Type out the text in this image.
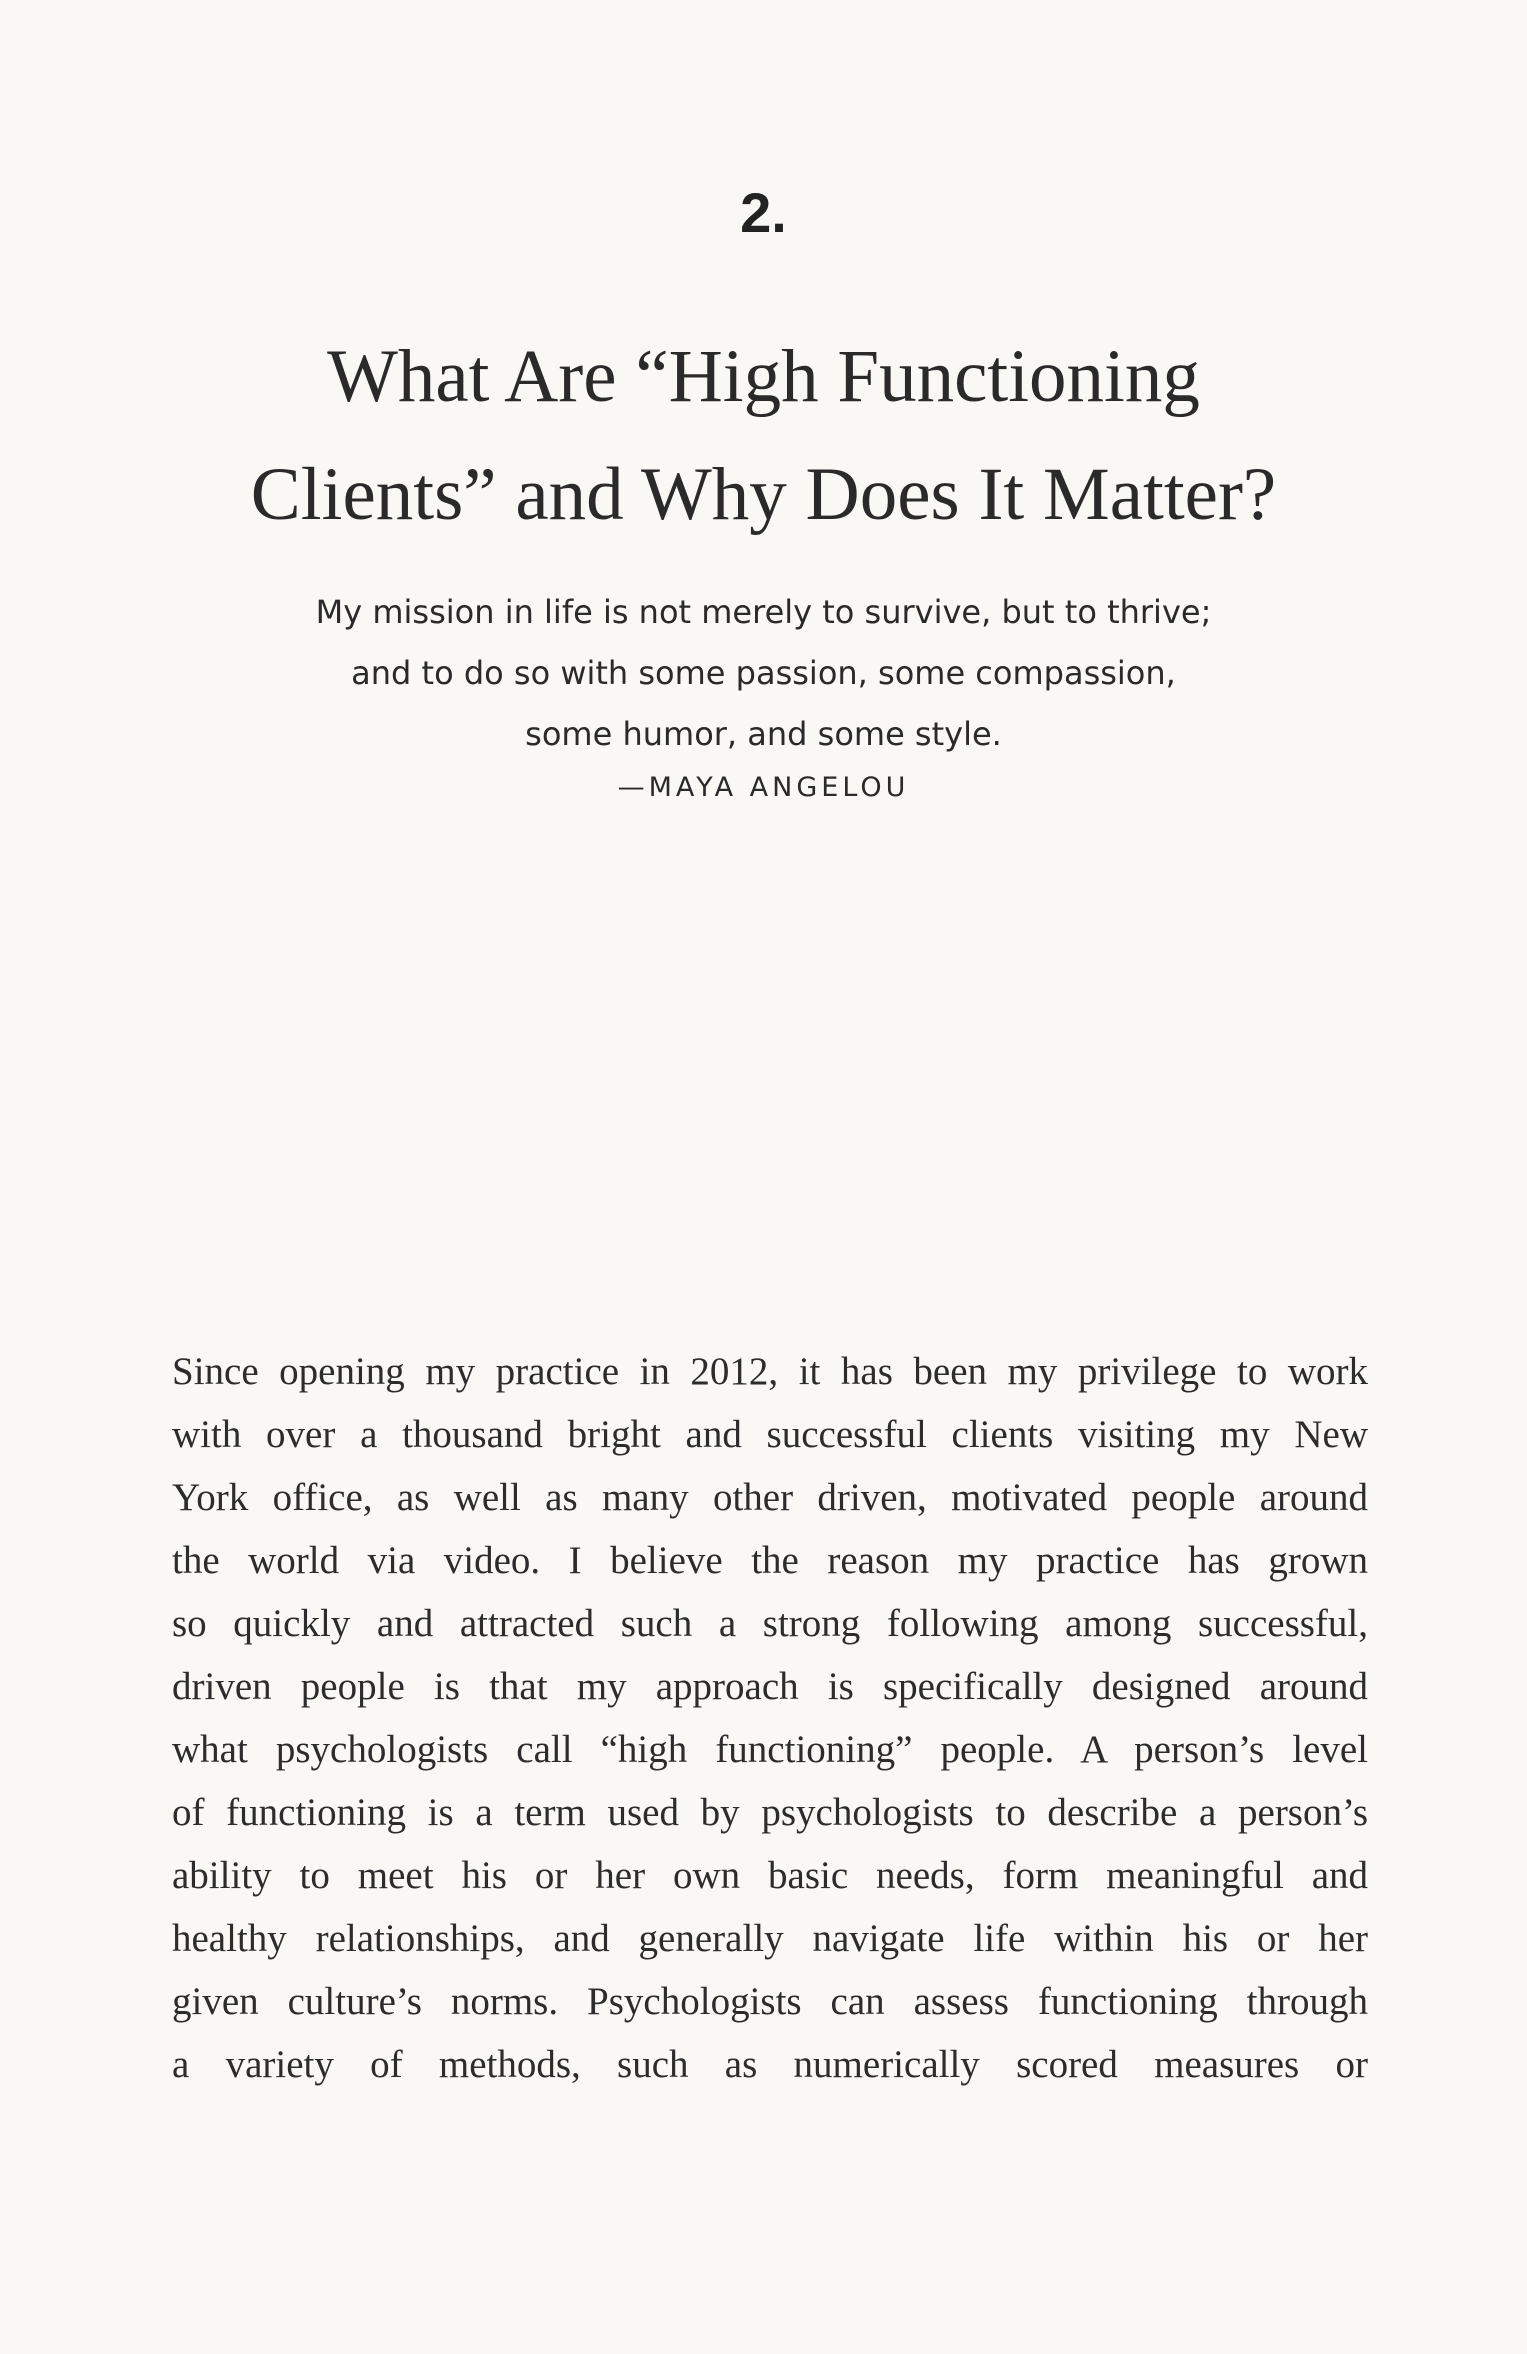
2.
What Are “High Functioning
Clients” and Why Does It Matter?
My mission in life is not merely to survive, but to thrive;
and to do so with some passion, some compassion,
some humor, and some style.
—MAYA ANGELOU
Since opening my practice in 2012, it has been my privilege to work
with over a thousand bright and successful clients visiting my New
York office, as well as many other driven, motivated people around
the world via video. I believe the reason my practice has grown
so quickly and attracted such a strong following among successful,
driven people is that my approach is specifically designed around
what psychologists call “high functioning” people. A person’s level
of functioning is a term used by psychologists to describe a person’s
ability to meet his or her own basic needs, form meaningful and
healthy relationships, and generally navigate life within his or her
given culture’s norms. Psychologists can assess functioning through
a variety of methods, such as numerically scored measures or
